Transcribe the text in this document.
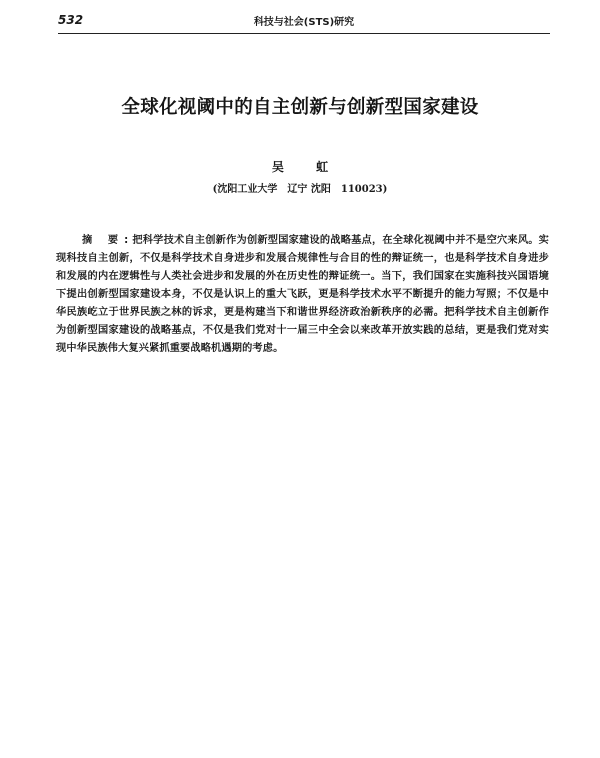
532	科技与社会(STS)研究
全球化视阈中的自主创新与创新型国家建设
吴 虹
(沈阳工业大学 辽宁 沈阳 110023)

摘 要:把科学技术自主创新作为创新型国家建设的战略基点，在全球化视阈中并不是空穴来风。实现科技自主创新，不仅是科学技术自身进步和发展合规律性与合目的性的辩证统一，也是科学技术自身进步和发展的内在逻辑性与人类社会进步和发展的外在历史性的辩证统一。当下，我们国家在实施科技兴国语境下提出创新型国家建设本身，不仅是认识上的重大飞跃，更是科学技术水平不断提升的能力写照；不仅是中华民族屹立于世界民族之林的诉求，更是构建当下和谐世界经济政治新秩序的必需。把科学技术自主创新作为创新型国家建设的战略基点，不仅是我们党对十一届三中全会以来改革开放实践的总结，更是我们党对实现中华民族伟大复兴紧抓重要战略机遇期的考虑。
